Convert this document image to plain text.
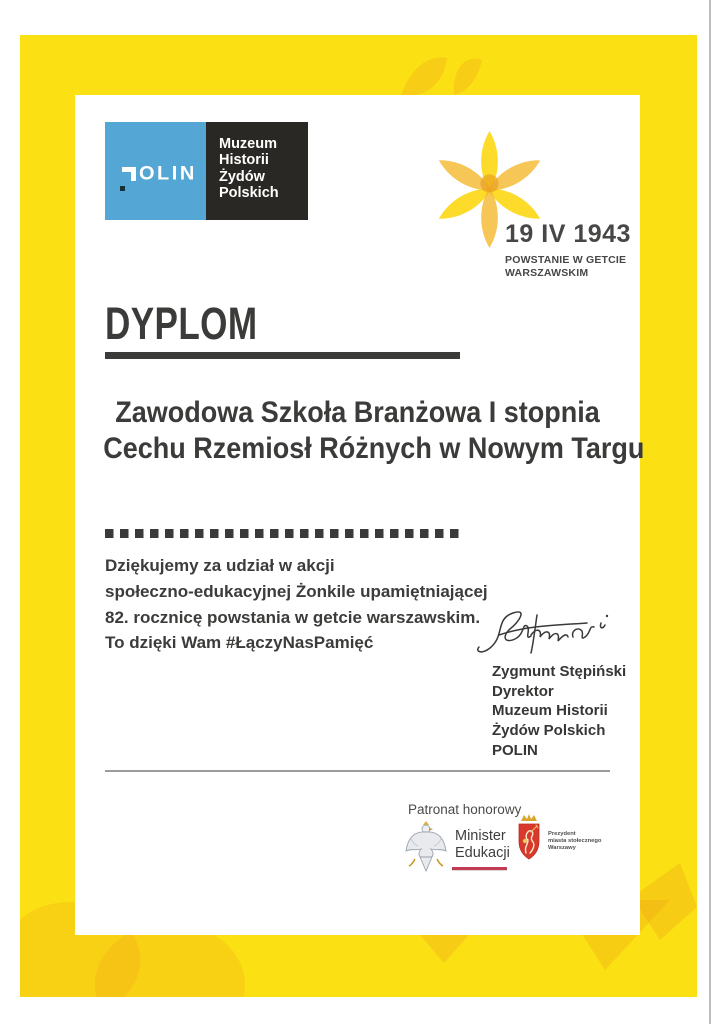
OLIN
Muzeum
Historii
Żydów
Polskich
19 IV 1943
POWSTANIE W GETCIE
WARSZAWSKIM
DYPLOM
Zawodowa Szkoła Branżowa I stopnia
Cechu Rzemiosł Różnych w Nowym Targu
Dziękujemy za udział w akcji
społeczno-edukacyjnej Żonkile upamiętniającej
82. rocznicę powstania w getcie warszawskim.
To dzięki Wam #ŁączyNasPamięć
Zygmunt Stępiński
Dyrektor
Muzeum Historii
Żydów Polskich
POLIN
Patronat honorowy
Minister
Edukacji
Prezydent
miasta stołecznego
Warszawy
